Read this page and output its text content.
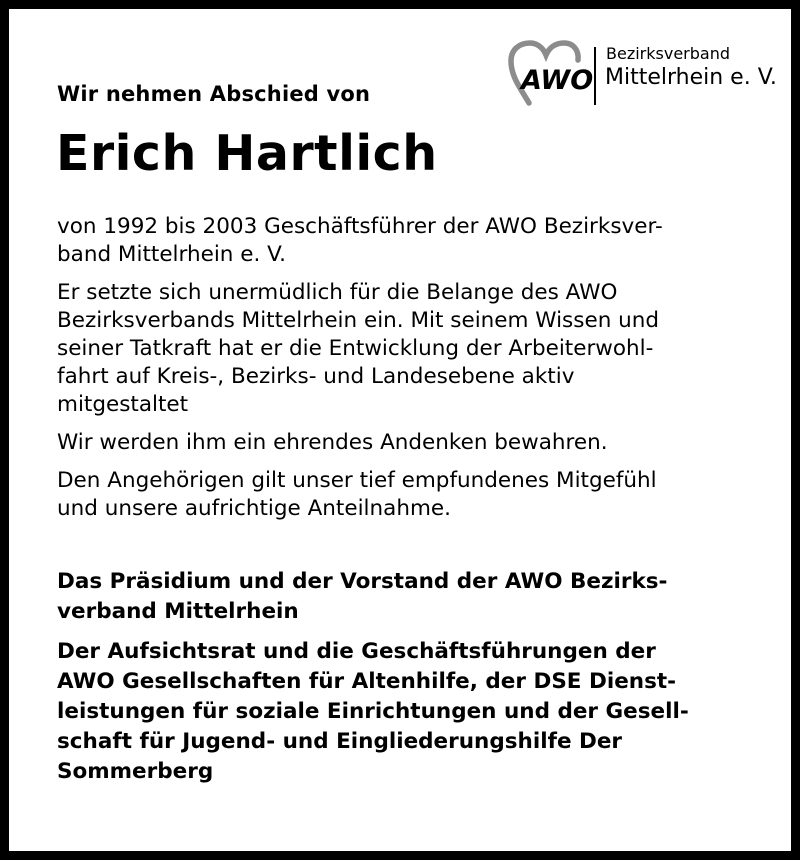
Wir nehmen Abschied von
Erich Hartlich
AWO
Bezirksverband
Mittelrhein e. V.

von 1992 bis 2003 Geschäftsführer der AWO Bezirksver-
band Mittelrhein e. V.

Er setzte sich unermüdlich für die Belange des AWO
Bezirksverbands Mittelrhein ein. Mit seinem Wissen und
seiner Tatkraft hat er die Entwicklung der Arbeiterwohl-
fahrt auf Kreis-, Bezirks- und Landesebene aktiv
mitgestaltet

Wir werden ihm ein ehrendes Andenken bewahren.

Den Angehörigen gilt unser tief empfundenes Mitgefühl
und unsere aufrichtige Anteilnahme.

Das Präsidium und der Vorstand der AWO Bezirks-
verband Mittelrhein

Der Aufsichtsrat und die Geschäftsführungen der
AWO Gesellschaften für Altenhilfe, der DSE Dienst-
leistungen für soziale Einrichtungen und der Gesell-
schaft für Jugend- und Eingliederungshilfe Der
Sommerberg
